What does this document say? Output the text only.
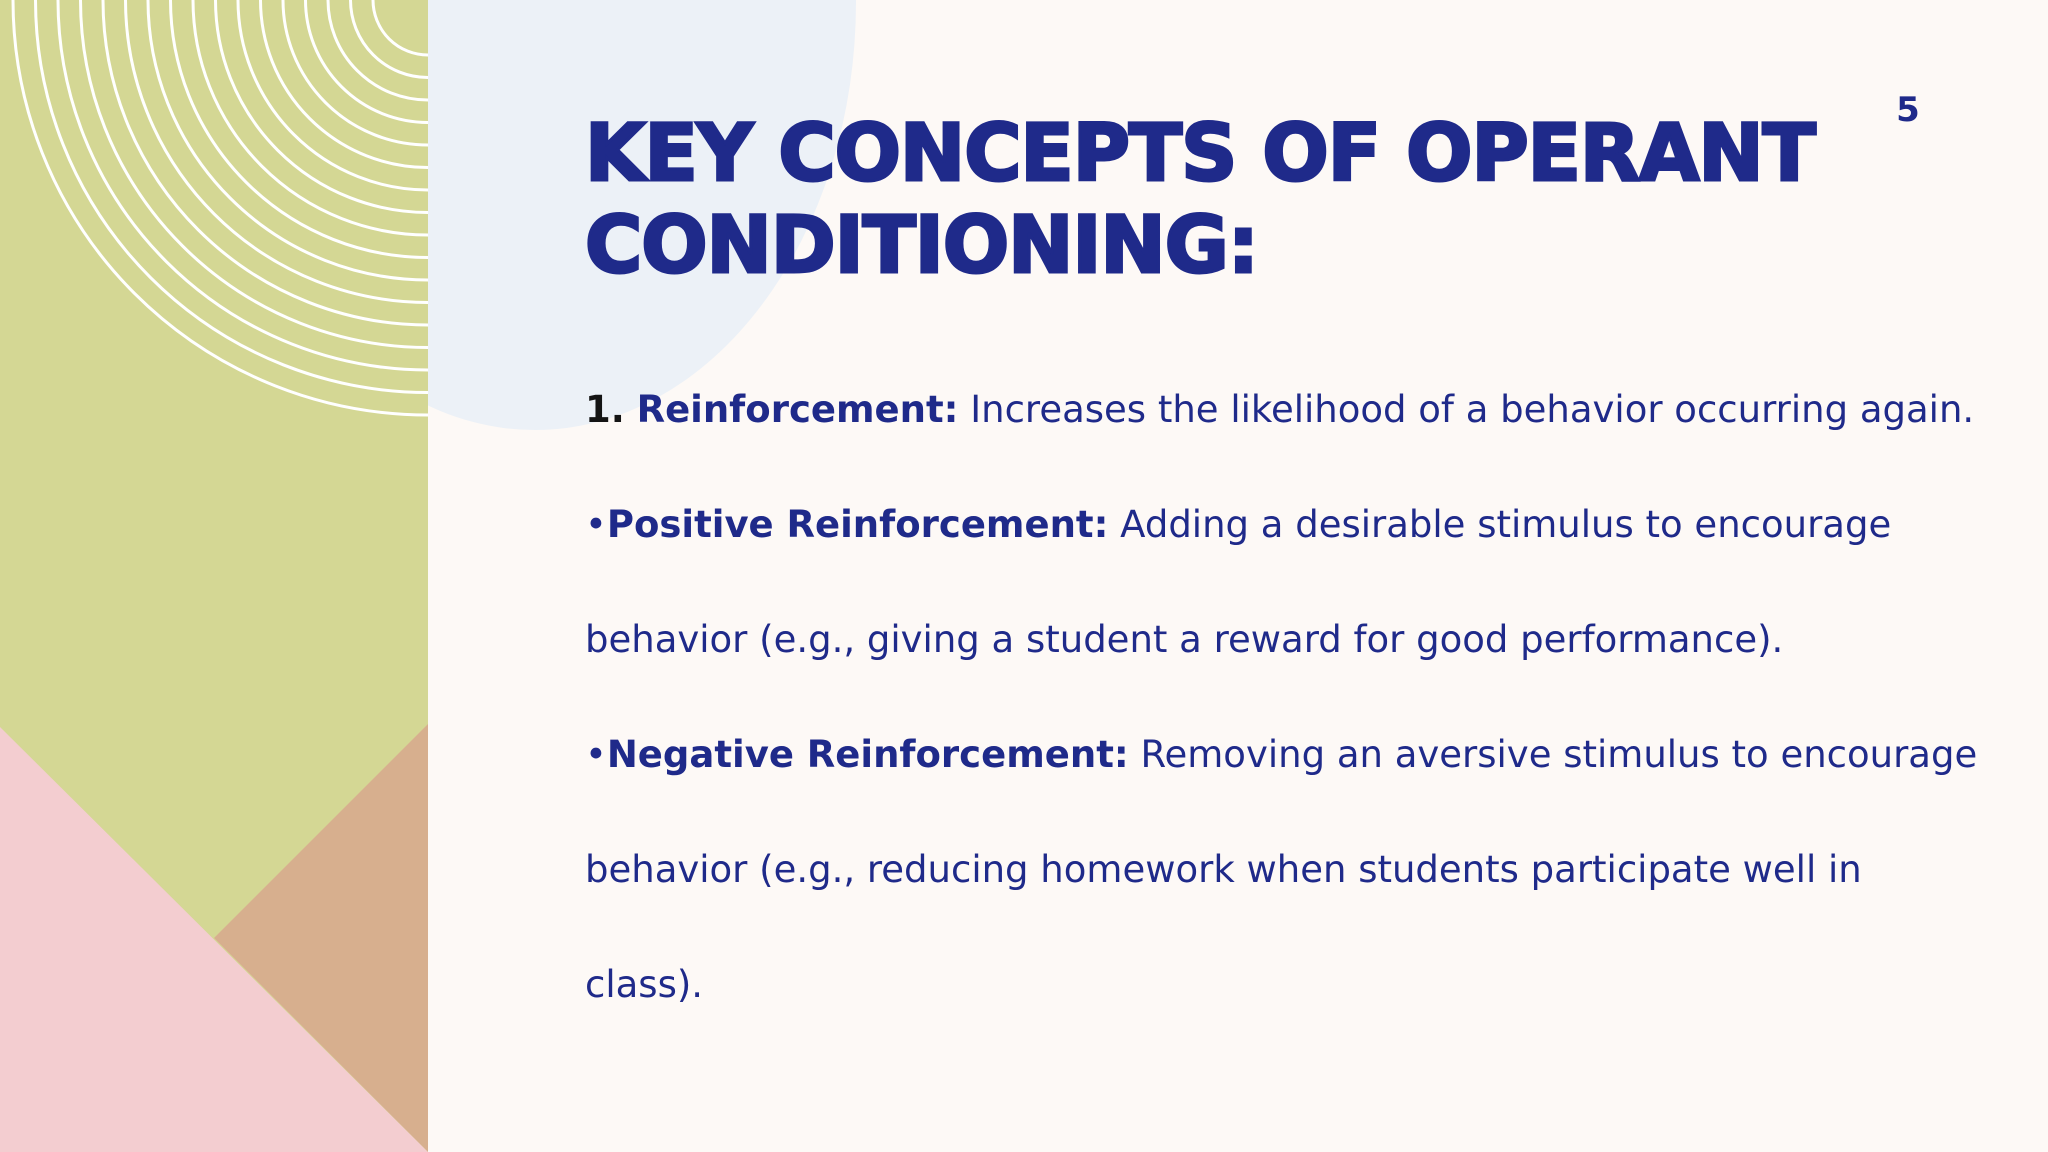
5
KEY CONCEPTS OF OPERANT CONDITIONING:

1. Reinforcement: Increases the likelihood of a behavior occurring again.

•Positive Reinforcement: Adding a desirable stimulus to encourage

behavior (e.g., giving a student a reward for good performance).

•Negative Reinforcement: Removing an aversive stimulus to encourage

behavior (e.g., reducing homework when students participate well in

class).
